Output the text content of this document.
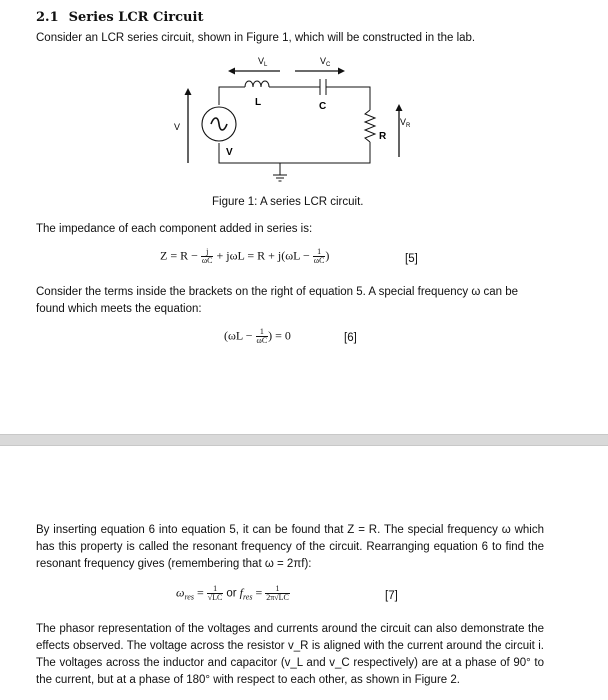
2.1 Series LCR Circuit
Consider an LCR series circuit, shown in Figure 1, which will be constructed in the lab.
$V_L$	$V_C$
L	C
R
V
V
$V_R$
Figure 1: A series LCR circuit.
The impedance of each component added in series is:
$Z = R - \frac{j}{\omega C} + j\omega L = R + j(\omega L - \frac{1}{\omega C}$ )	[5]
Consider the terms inside the brackets on the right of equation 5. A special frequency ω can be found which meets the equation:
($\omega L - \frac{1}{\omega C}$ ) = 0	[6]
By inserting equation 6 into equation 5, it can be found that Z = R. The special frequency ω which has this property is called the resonant frequency of the circuit. Rearranging equation 6 to find the resonant frequency gives (remembering that ω = 2πf):
$\omega_{res} = \frac{1}{√LC}$ or $f_{res} = \frac{1}{2\pi√LC}$	[7]
The phasor representation of the voltages and currents around the circuit can also demonstrate the effects observed. The voltage across the resistor v_R is aligned with the current around the circuit i. The voltages across the inductor and capacitor (v_L and v_C respectively) are at a phase of 90° to the current, but at a phase of 180° with respect to each other, as shown in Figure 2.
